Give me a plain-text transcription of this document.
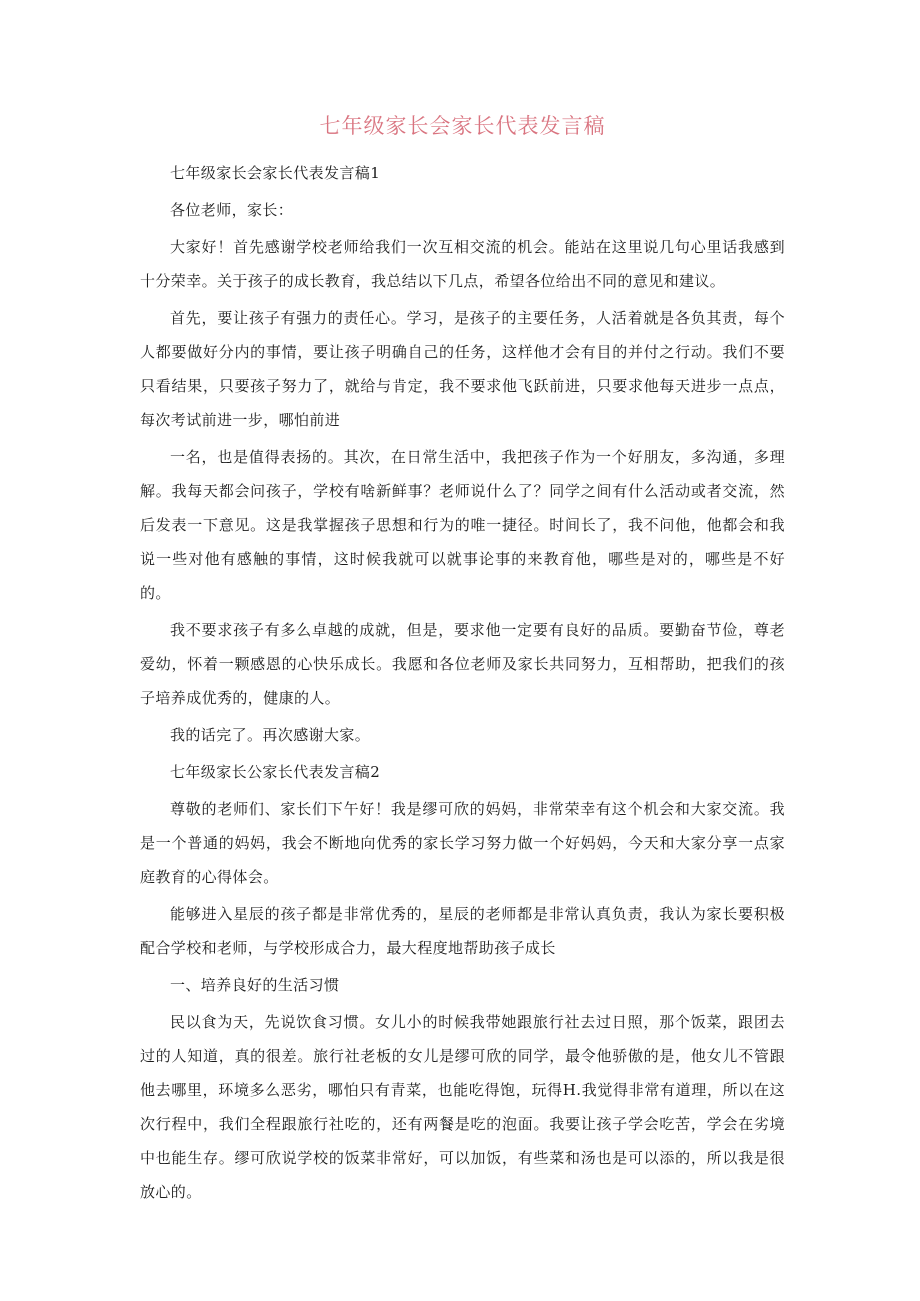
七年级家长会家长代表发言稿

七年级家长会家长代表发言稿1

各位老师，家长：

大家好！首先感谢学校老师给我们一次互相交流的机会。能站在这里说几句心里话我感到十分荣幸。关于孩子的成长教育，我总结以下几点，希望各位给出不同的意见和建议。

首先，要让孩子有强力的责任心。学习，是孩子的主要任务，人活着就是各负其责，每个人都要做好分内的事情，要让孩子明确自己的任务，这样他才会有目的并付之行动。我们不要只看结果，只要孩子努力了，就给与肯定，我不要求他飞跃前进，只要求他每天进步一点点，每次考试前进一步，哪怕前进

一名，也是值得表扬的。其次，在日常生活中，我把孩子作为一个好朋友，多沟通，多理解。我每天都会问孩子，学校有啥新鲜事？老师说什么了？同学之间有什么活动或者交流，然后发表一下意见。这是我掌握孩子思想和行为的唯一捷径。时间长了，我不问他，他都会和我说一些对他有感触的事情，这时候我就可以就事论事的来教育他，哪些是对的，哪些是不好的。

我不要求孩子有多么卓越的成就，但是，要求他一定要有良好的品质。要勤奋节俭，尊老爱幼，怀着一颗感恩的心快乐成长。我愿和各位老师及家长共同努力，互相帮助，把我们的孩子培养成优秀的，健康的人。

我的话完了。再次感谢大家。

七年级家长公家长代表发言稿2

尊敬的老师们、家长们下午好！我是缪可欣的妈妈，非常荣幸有这个机会和大家交流。我是一个普通的妈妈，我会不断地向优秀的家长学习努力做一个好妈妈，今天和大家分享一点家庭教育的心得体会。

能够进入星辰的孩子都是非常优秀的，星辰的老师都是非常认真负责，我认为家长要积极配合学校和老师，与学校形成合力，最大程度地帮助孩子成长

一、培养良好的生活习惯

民以食为天，先说饮食习惯。女儿小的时候我带她跟旅行社去过日照，那个饭菜，跟团去过的人知道，真的很差。旅行社老板的女儿是缪可欣的同学，最令他骄傲的是，他女儿不管跟他去哪里，环境多么恶劣，哪怕只有青菜，也能吃得饱，玩得H.我觉得非常有道理，所以在这次行程中，我们全程跟旅行社吃的，还有两餐是吃的泡面。我要让孩子学会吃苦，学会在劣境中也能生存。缪可欣说学校的饭菜非常好，可以加饭，有些菜和汤也是可以添的，所以我是很放心的。
